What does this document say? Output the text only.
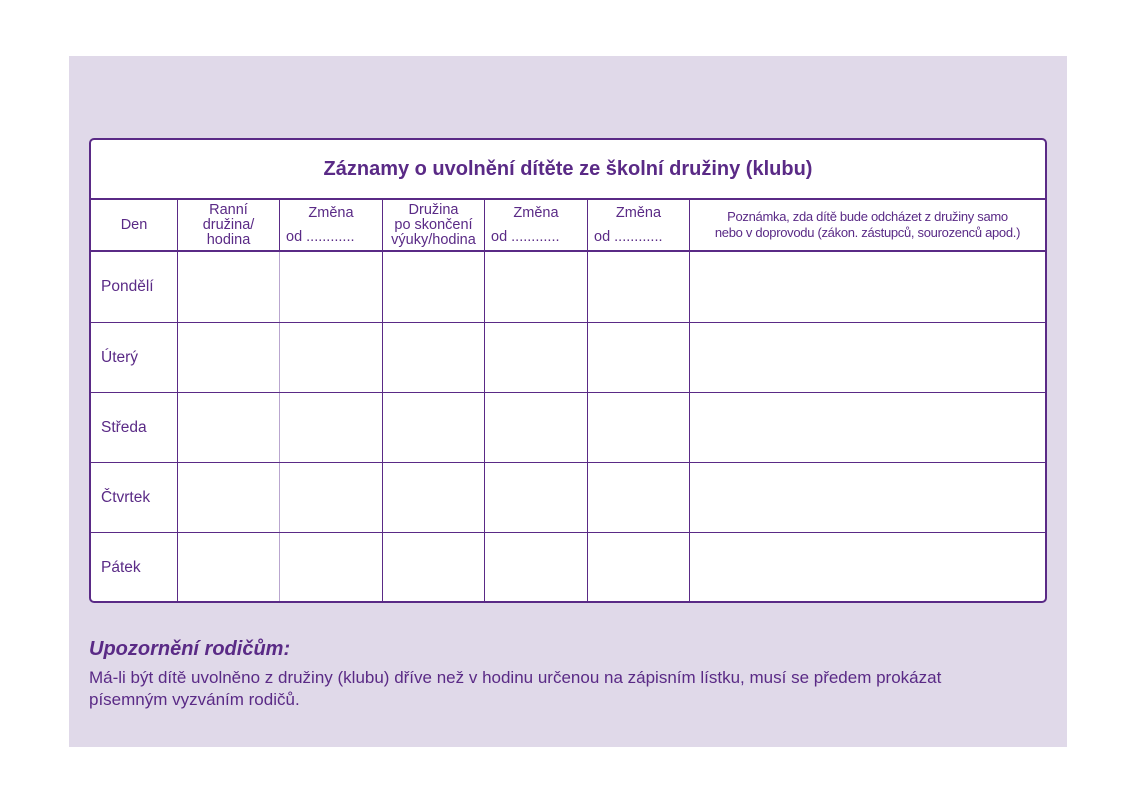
Záznamy o uvolnění dítěte ze školní družiny (klubu)
Den
Ranní
družina/
hodina
Změna
od ............
Družina
po skončení
výuky/hodina
Změna
od ............
Změna
od ............
Poznámka, zda dítě bude odcházet z družiny samo
nebo v doprovodu (zákon. zástupců, sourozenců apod.)
Pondělí
Úterý
Středa
Čtvrtek
Pátek
Upozornění rodičům:
Má-li být dítě uvolněno z družiny (klubu) dříve než v hodinu určenou na zápisním lístku, musí se předem prokázat
písemným vyzváním rodičů.
